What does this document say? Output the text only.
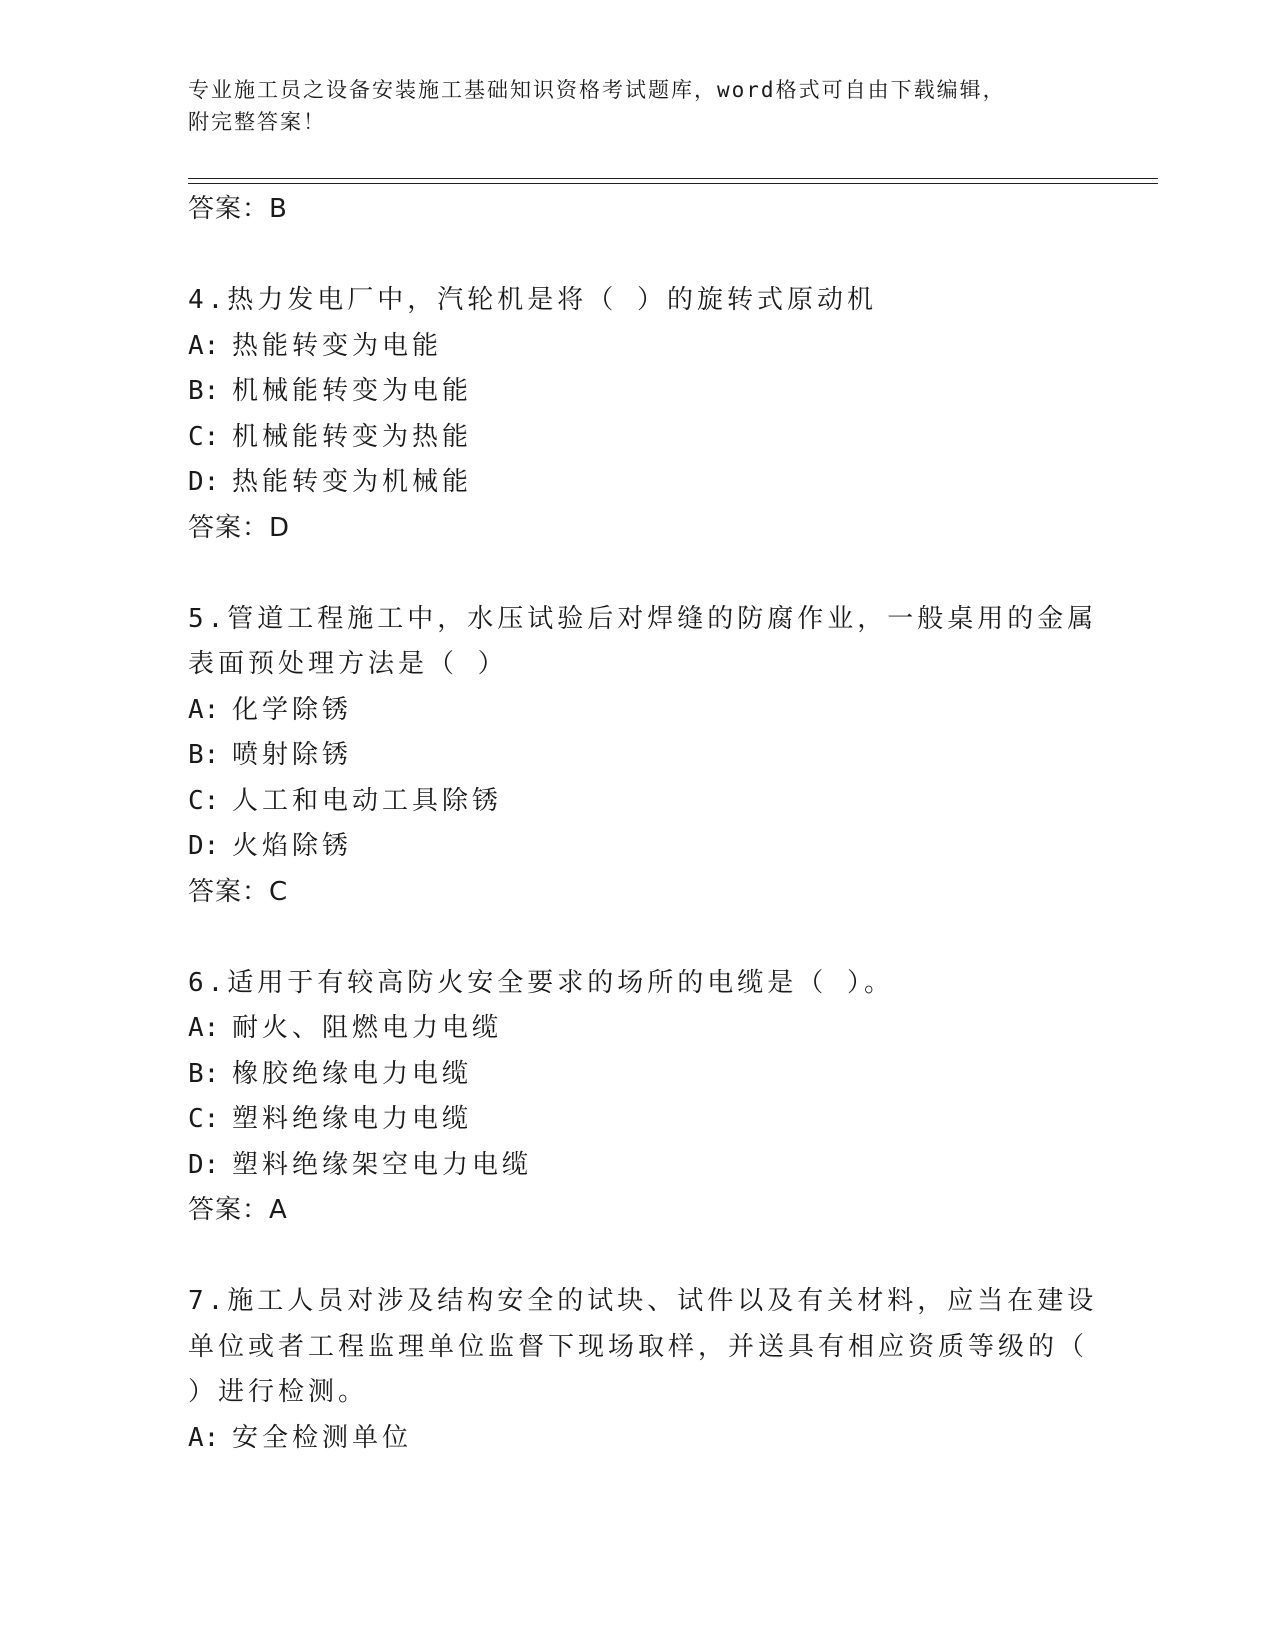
专业施工员之设备安装施工基础知识资格考试题库，word格式可自由下载编辑，
附完整答案！
答案：B
4.热力发电厂中，汽轮机是将（ ）的旋转式原动机
A: 热能转变为电能
B: 机械能转变为电能
C: 机械能转变为热能
D: 热能转变为机械能
答案：D
5.管道工程施工中，水压试验后对焊缝的防腐作业，一般桌用的金属
表面预处理方法是（ ）
A: 化学除锈
B: 喷射除锈
C: 人工和电动工具除锈
D: 火焰除锈
答案：C
6.适用于有较高防火安全要求的场所的电缆是（ ）。
A: 耐火、阻燃电力电缆
B: 橡胶绝缘电力电缆
C: 塑料绝缘电力电缆
D: 塑料绝缘架空电力电缆
答案：A
7.施工人员对涉及结构安全的试块、试件以及有关材料，应当在建设
单位或者工程监理单位监督下现场取样，并送具有相应资质等级的（
）进行检测。
A: 安全检测单位
